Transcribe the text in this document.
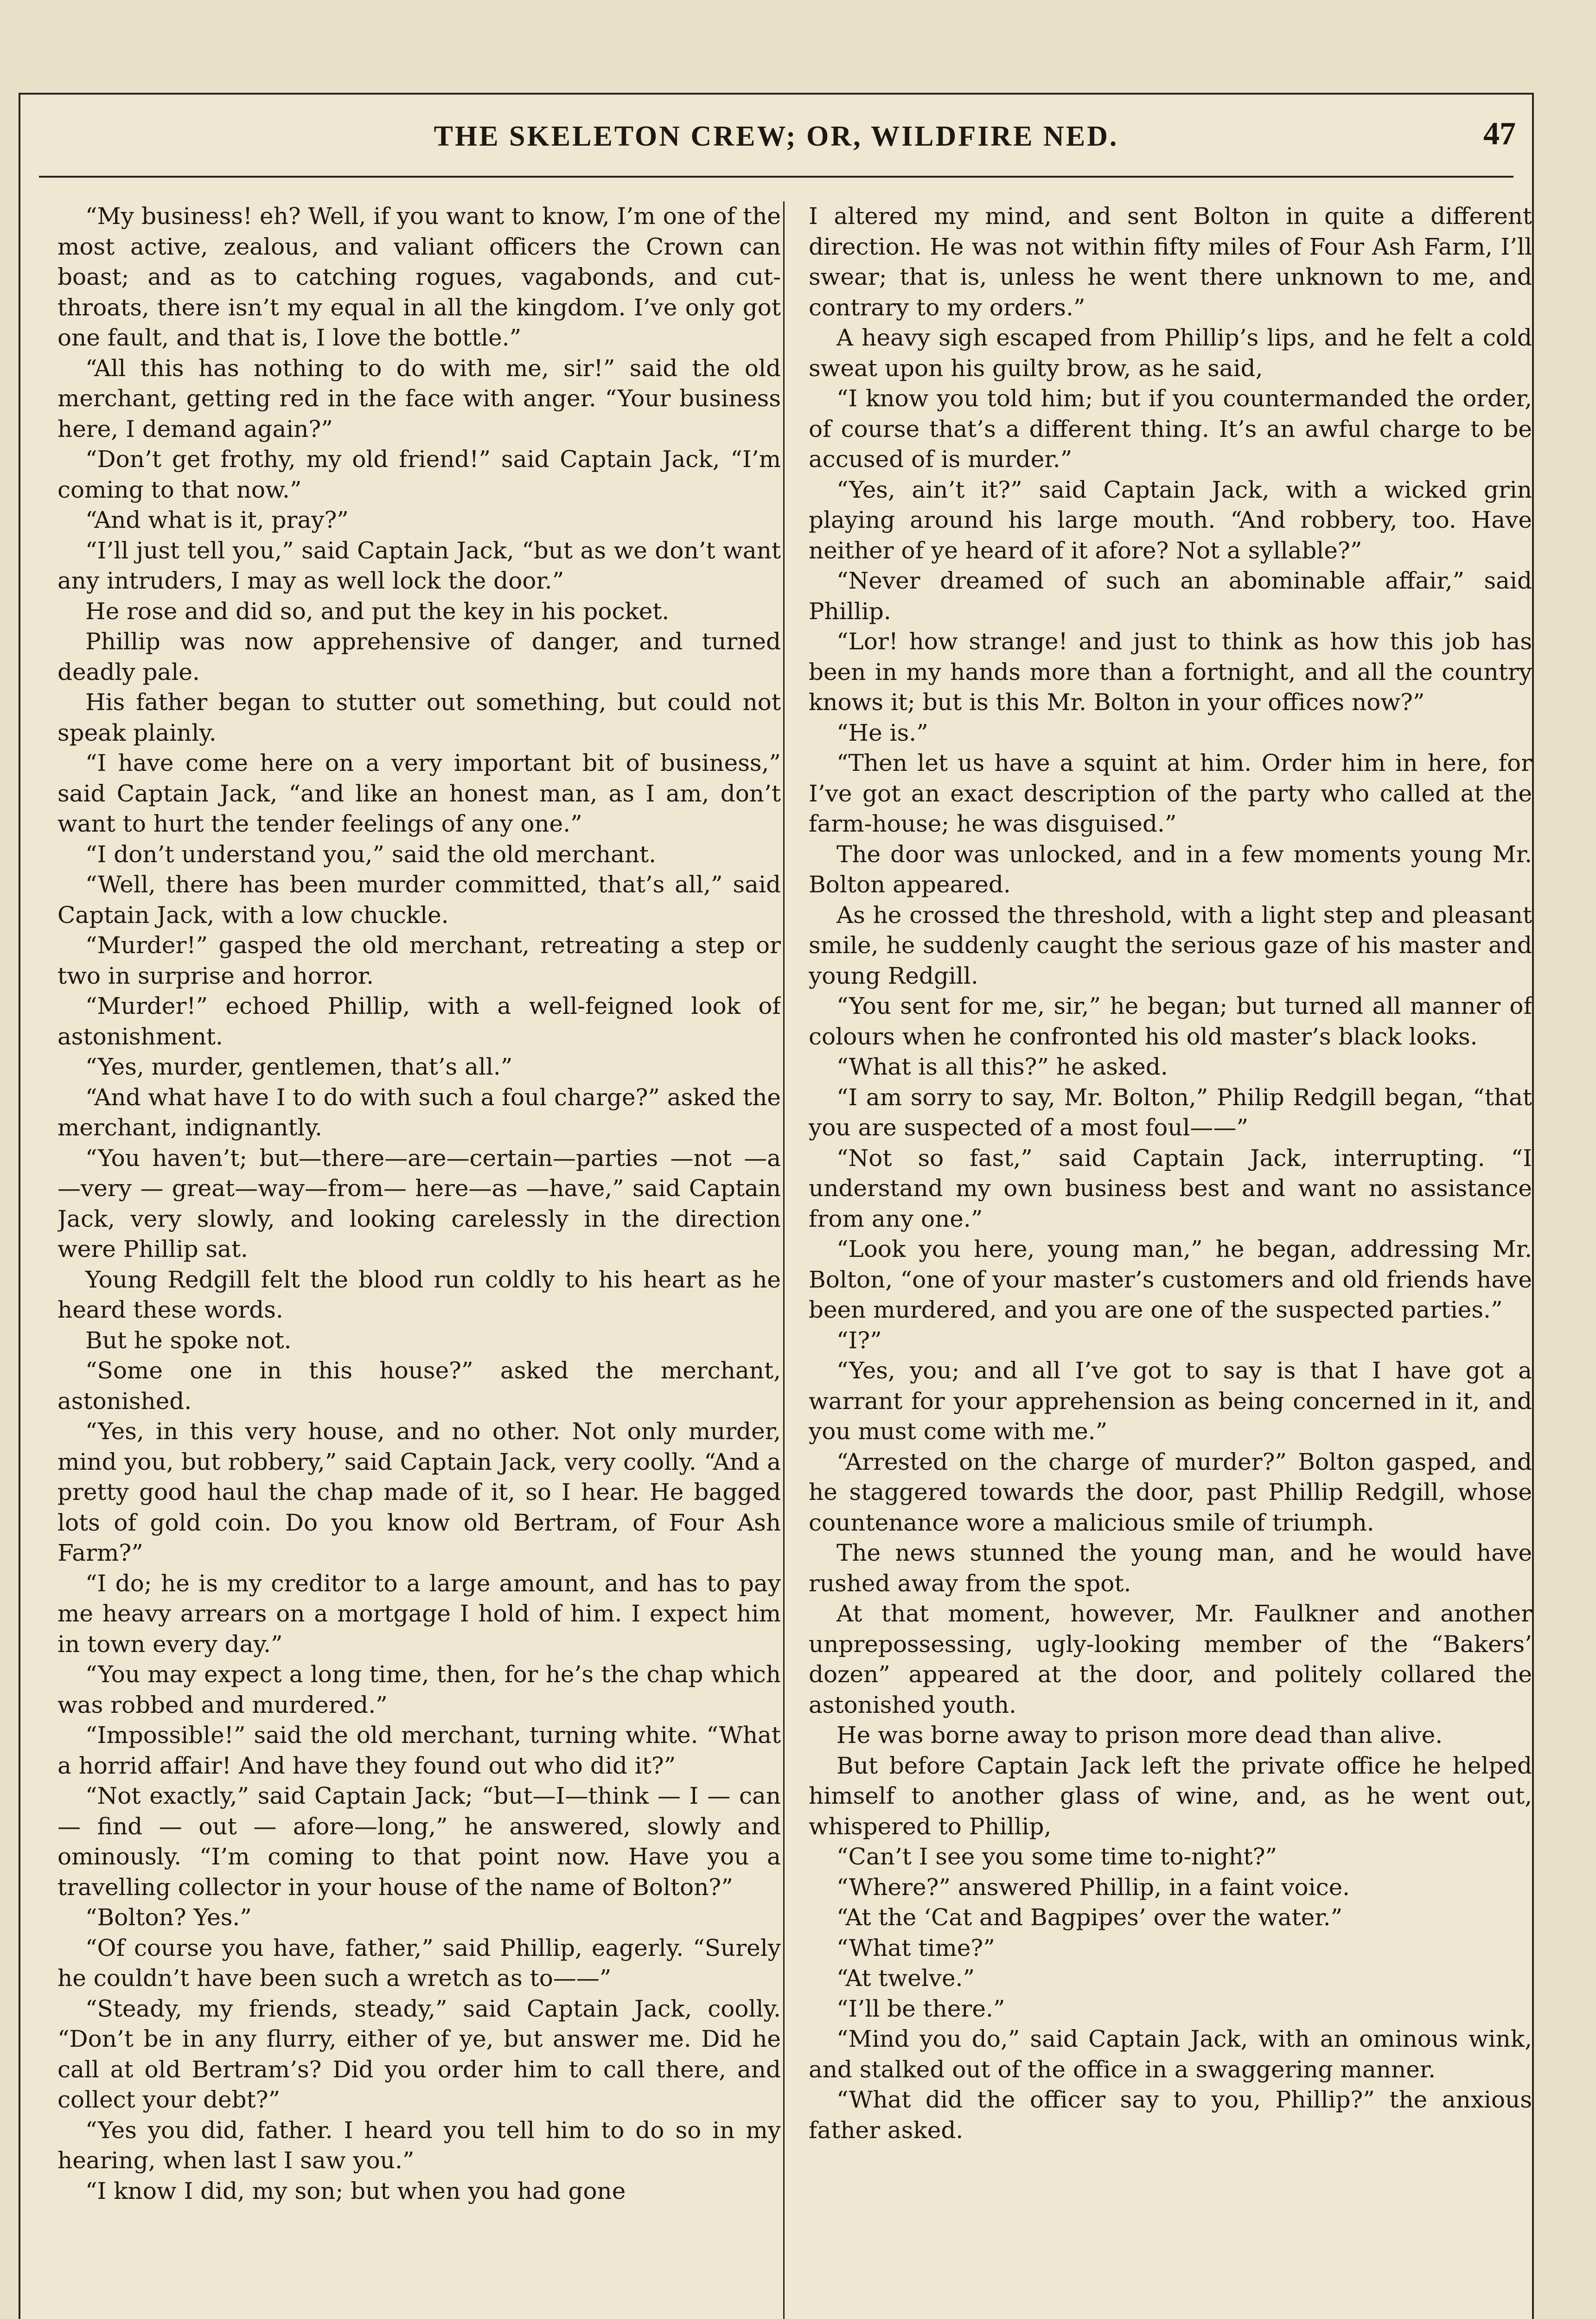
THE SKELETON CREW; OR, WILDFIRE NED.	47

“My business! eh? Well, if you want to know, I’m one of the most active, zealous, and valiant officers the Crown can boast; and as to catching rogues, vagabonds, and cut-throats, there isn’t my equal in all the kingdom. I’ve only got one fault, and that is, I love the bottle.”

“All this has nothing to do with me, sir!” said the old merchant, getting red in the face with anger. “Your business here, I demand again?”

“Don’t get frothy, my old friend!” said Captain Jack, “I’m coming to that now.”

“And what is it, pray?”

“I’ll just tell you,” said Captain Jack, “but as we don’t want any intruders, I may as well lock the door.”

He rose and did so, and put the key in his pocket.

Phillip was now apprehensive of danger, and turned deadly pale.

His father began to stutter out something, but could not speak plainly.

“I have come here on a very important bit of business,” said Captain Jack, “and like an honest man, as I am, don’t want to hurt the tender feelings of any one.”

“I don’t understand you,” said the old merchant.

“Well, there has been murder committed, that’s all,” said Captain Jack, with a low chuckle.

“Murder!” gasped the old merchant, retreating a step or two in surprise and horror.

“Murder!” echoed Phillip, with a well-feigned look of astonishment.

“Yes, murder, gentlemen, that’s all.”

“And what have I to do with such a foul charge?” asked the merchant, indignantly.

“You haven’t; but—there—are—certain—parties —not —a —very — great—way—from— here—as —have,” said Captain Jack, very slowly, and looking carelessly in the direction were Phillip sat.

Young Redgill felt the blood run coldly to his heart as he heard these words.

But he spoke not.

“Some one in this house?” asked the merchant, astonished.

“Yes, in this very house, and no other. Not only murder, mind you, but robbery,” said Captain Jack, very coolly. “And a pretty good haul the chap made of it, so I hear. He bagged lots of gold coin. Do you know old Bertram, of Four Ash Farm?”

“I do; he is my creditor to a large amount, and has to pay me heavy arrears on a mortgage I hold of him. I expect him in town every day.”

“You may expect a long time, then, for he’s the chap which was robbed and murdered.”

“Impossible!” said the old merchant, turning white. “What a horrid affair! And have they found out who did it?”

“Not exactly,” said Captain Jack; “but—I—think — I — can — find — out — afore—long,” he answered, slowly and ominously. “I’m coming to that point now. Have you a travelling collector in your house of the name of Bolton?”

“Bolton? Yes.”

“Of course you have, father,” said Phillip, eagerly. “Surely he couldn’t have been such a wretch as to——”

“Steady, my friends, steady,” said Captain Jack, coolly. “Don’t be in any flurry, either of ye, but answer me. Did he call at old Bertram’s? Did you order him to call there, and collect your debt?”

“Yes you did, father. I heard you tell him to do so in my hearing, when last I saw you.”

“I know I did, my son; but when you had gone

I altered my mind, and sent Bolton in quite a different direction. He was not within fifty miles of Four Ash Farm, I’ll swear; that is, unless he went there unknown to me, and contrary to my orders.”

A heavy sigh escaped from Phillip’s lips, and he felt a cold sweat upon his guilty brow, as he said,

“I know you told him; but if you countermanded the order, of course that’s a different thing. It’s an awful charge to be accused of is murder.”

“Yes, ain’t it?” said Captain Jack, with a wicked grin playing around his large mouth. “And robbery, too. Have neither of ye heard of it afore? Not a syllable?”

“Never dreamed of such an abominable affair,” said Phillip.

“Lor! how strange! and just to think as how this job has been in my hands more than a fortnight, and all the country knows it; but is this Mr. Bolton in your offices now?”

“He is.”

“Then let us have a squint at him. Order him in here, for I’ve got an exact description of the party who called at the farm-house; he was disguised.”

The door was unlocked, and in a few moments young Mr. Bolton appeared.

As he crossed the threshold, with a light step and pleasant smile, he suddenly caught the serious gaze of his master and young Redgill.

“You sent for me, sir,” he began; but turned all manner of colours when he confronted his old master’s black looks.

“What is all this?” he asked.

“I am sorry to say, Mr. Bolton,” Philip Redgill began, “that you are suspected of a most foul——”

“Not so fast,” said Captain Jack, interrupting. “I understand my own business best and want no assistance from any one.”

“Look you here, young man,” he began, addressing Mr. Bolton, “one of your master’s customers and old friends have been murdered, and you are one of the suspected parties.”

“I?”

“Yes, you; and all I’ve got to say is that I have got a warrant for your apprehension as being concerned in it, and you must come with me.”

“Arrested on the charge of murder?” Bolton gasped, and he staggered towards the door, past Phillip Redgill, whose countenance wore a malicious smile of triumph.

The news stunned the young man, and he would have rushed away from the spot.

At that moment, however, Mr. Faulkner and another unprepossessing, ugly-looking member of the “Bakers’ dozen” appeared at the door, and politely collared the astonished youth.

He was borne away to prison more dead than alive.

But before Captain Jack left the private office he helped himself to another glass of wine, and, as he went out, whispered to Phillip,

“Can’t I see you some time to-night?”

“Where?” answered Phillip, in a faint voice.

“At the ‘Cat and Bagpipes’ over the water.”

“What time?”

“At twelve.”

“I’ll be there.”

“Mind you do,” said Captain Jack, with an ominous wink, and stalked out of the office in a swaggering manner.

“What did the officer say to you, Phillip?” the anxious father asked.
